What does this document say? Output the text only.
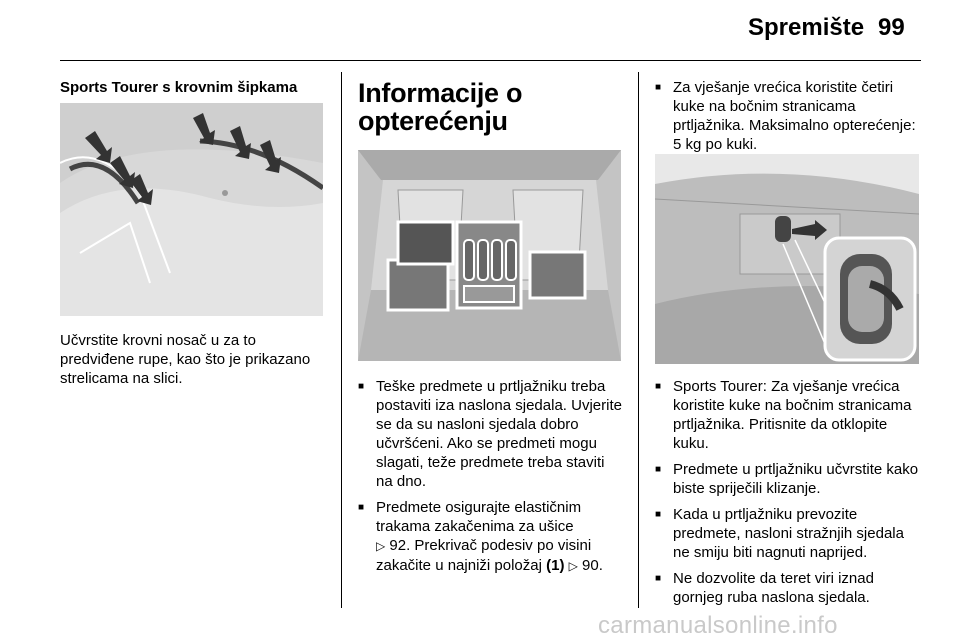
Spremište 99

Sports Tourer s krovnim šipkama

Učvrstite krovni nosač u za to predviđene rupe, kao što je prikazano strelicama na slici.

Informacije o

opterećenju

■ Teške predmete u prtljažniku treba postaviti iza naslona sjedala. Uvjerite se da su nasloni sjedala dobro učvršćeni. Ako se predmeti mogu slagati, teže predmete treba staviti na dno.
■ Predmete osigurajte elastičnim trakama zakačenima za ušice
▷ 92. Prekrivač podesiv po visini zakačite u najniži položaj (1) ▷ 90.
■ Za vješanje vrećica koristite četiri kuke na bočnim stranicama prtljažnika. Maksimalno opterećenje: 5 kg po kuki.
■ Sports Tourer: Za vješanje vrećica koristite kuke na bočnim stranicama prtljažnika. Pritisnite da otklopite kuku.
■ Predmete u prtljažniku učvrstite kako biste spriječili klizanje.
■ Kada u prtljažniku prevozite predmete, nasloni stražnjih sjedala ne smiju biti nagnuti naprijed.
■ Ne dozvolite da teret viri iznad gornjeg ruba naslona sjedala.
carmanualsonline.info
